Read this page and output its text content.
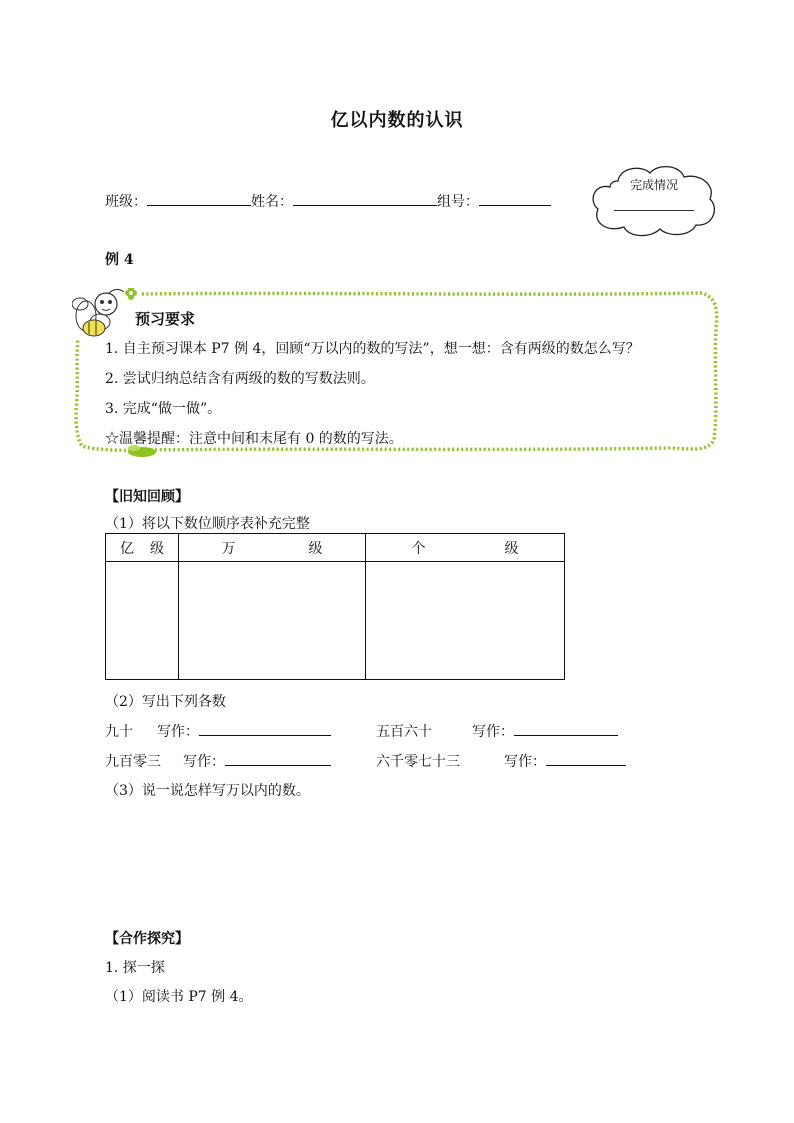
亿以内数的认识
班级：	姓名：	组号：
完成情况
例 4
预习要求
1. 自主预习课本 P7 例 4，回顾“万以内的数的写法”，想一想：含有两级的数怎么写？
2. 尝试归纳总结含有两级的数的写数法则。
3. 完成“做一做”。
☆温馨提醒：注意中间和末尾有 0 的数的写法。
【旧知回顾】
（1）将以下数位顺序表补充完整
亿 级	万 级	个 级

（2）写出下列各数
九十 写作：	五百六十	写作：
九百零三 写作：	六千零七十三	写作：
（3）说一说怎样写万以内的数。
【合作探究】
1. 探一探
（1）阅读书 P7 例 4。
